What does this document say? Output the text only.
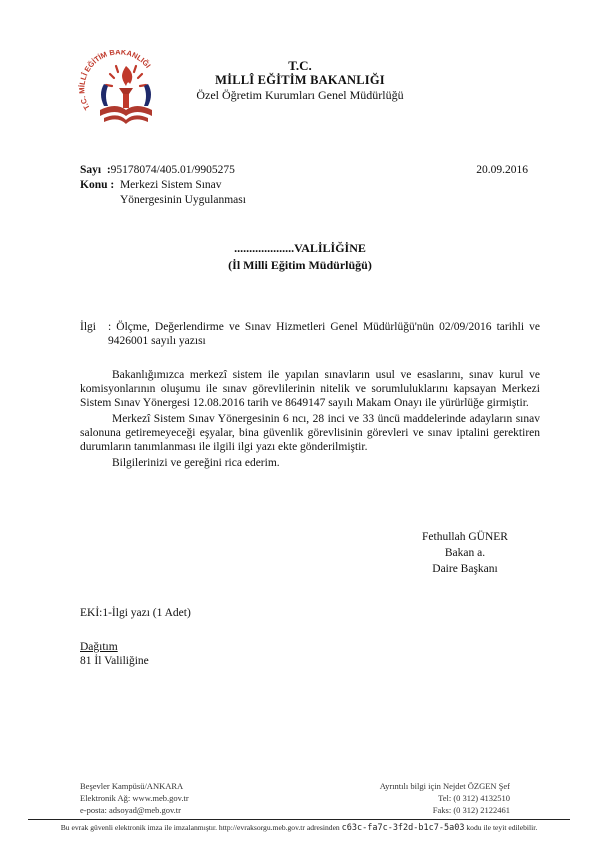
T.C. MİLLÎ EĞİTİM BAKANLIĞI	T.C.
MİLLÎ EĞİTİM BAKANLIĞI
Özel Öğretim Kurumları Genel Müdürlüğü
Sayı  : 95178074/405.01/9905275	20.09.2016
Konu : Merkezi Sistem Sınav
Yönergesinin Uygulanması
....................VALİLİĞİNE
(İl Milli Eğitim Müdürlüğü)
İlgi	: Ölçme, Değerlendirme ve Sınav Hizmetleri Genel Müdürlüğü'nün 02/09/2016 tarihli ve 9426001 sayılı yazısı

Bakanlığımızca merkezî sistem ile yapılan sınavların usul ve esaslarını, sınav kurul ve komisyonlarının oluşumu ile sınav görevlilerinin nitelik ve sorumluluklarını kapsayan Merkezi Sistem Sınav Yönergesi 12.08.2016 tarih ve 8649147 sayılı Makam Onayı ile yürürlüğe girmiştir.

Merkezî Sistem Sınav Yönergesinin 6 ncı, 28 inci ve 33 üncü maddelerinde adayların sınav salonuna getiremeyeceği eşyalar, bina güvenlik görevlisinin görevleri ve sınav iptalini gerektiren durumların tanımlanması ile ilgili ilgi yazı ekte gönderilmiştir.

Bilgilerinizi ve gereğini rica ederim.

Fethullah GÜNER
Bakan a.
Daire Başkanı
EKİ:1-İlgi yazı (1 Adet)
Dağıtım
81 İl Valiliğine
Beşevler Kampüsü/ANKARA
Elektronik Ağ: www.meb.gov.tr
e-posta: adsoyad@meb.gov.tr
Ayrıntılı bilgi için Nejdet ÖZGEN Şef
Tel: (0 312) 4132510
Faks: (0 312) 2122461
Bu evrak güvenli elektronik imza ile imzalanmıştır. http://evraksorgu.meb.gov.tr adresinden c63c-fa7c-3f2d-b1c7-5a03 kodu ile teyit edilebilir.
